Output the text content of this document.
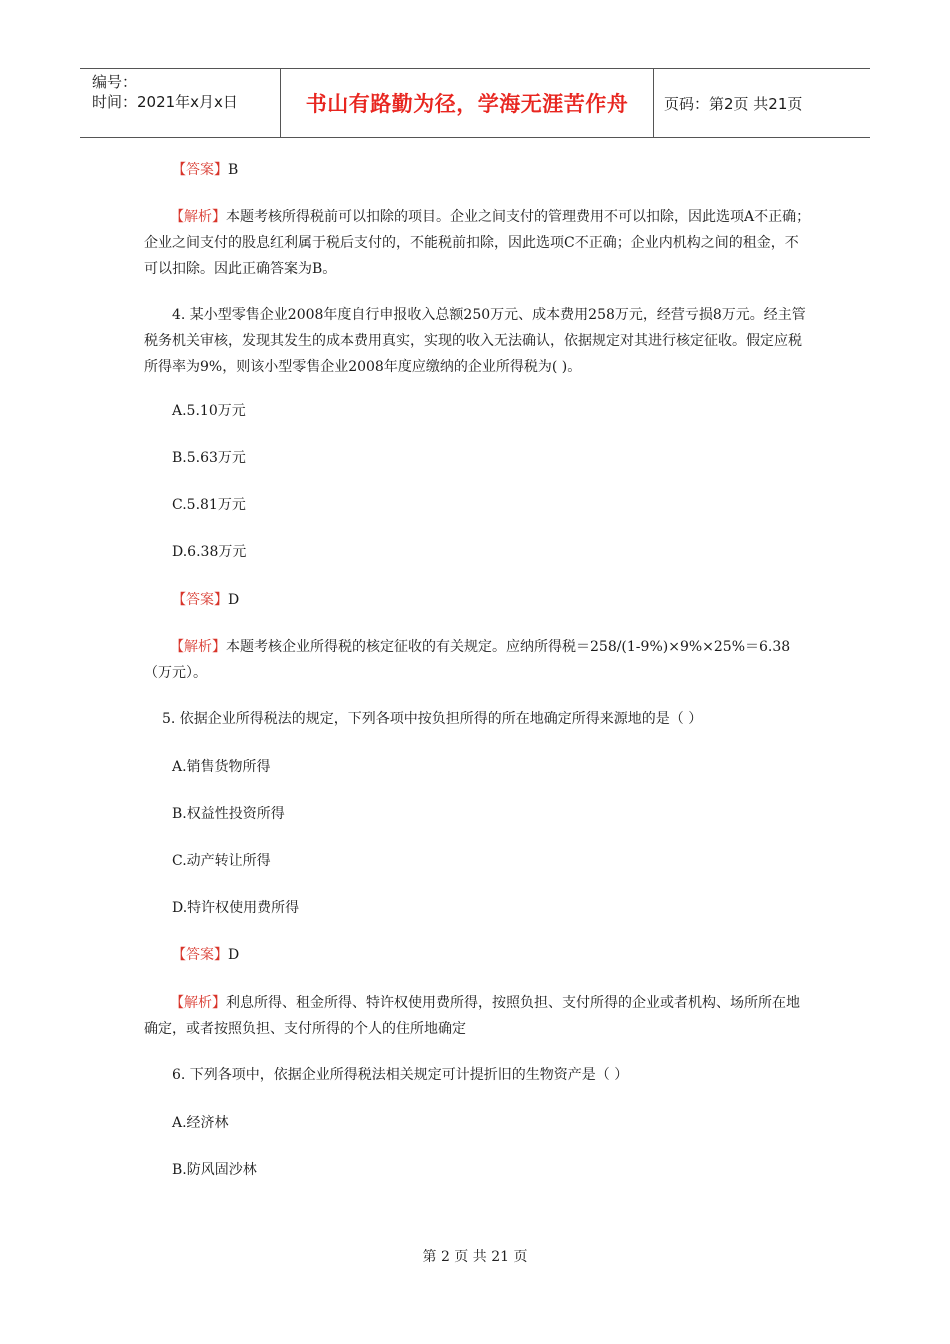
编号：
时间：2021年x月x日	书山有路勤为径，学海无涯苦作舟	页码：第2页 共21页
【答案】B
【解析】本题考核所得税前可以扣除的项目。企业之间支付的管理费用不可以扣除，因此选项A不正确；企业之间支付的股息红利属于税后支付的，不能税前扣除，因此选项C不正确；企业内机构之间的租金，不可以扣除。因此正确答案为B。
4. 某小型零售企业2008年度自行申报收入总额250万元、成本费用258万元，经营亏损8万元。经主管税务机关审核，发现其发生的成本费用真实，实现的收入无法确认，依据规定对其进行核定征收。假定应税所得率为9%，则该小型零售企业2008年度应缴纳的企业所得税为( )。
A.5.10万元
B.5.63万元
C.5.81万元
D.6.38万元
【答案】D
【解析】本题考核企业所得税的核定征收的有关规定。应纳所得税＝258/(1-9%)×9%×25%＝6.38（万元）。
5. 依据企业所得税法的规定，下列各项中按负担所得的所在地确定所得来源地的是（ ）
A.销售货物所得
B.权益性投资所得
C.动产转让所得
D.特许权使用费所得
【答案】D
【解析】利息所得、租金所得、特许权使用费所得，按照负担、支付所得的企业或者机构、场所所在地确定，或者按照负担、支付所得的个人的住所地确定
6. 下列各项中，依据企业所得税法相关规定可计提折旧的生物资产是（ ）
A.经济林
B.防风固沙林
第 2 页 共 21 页
